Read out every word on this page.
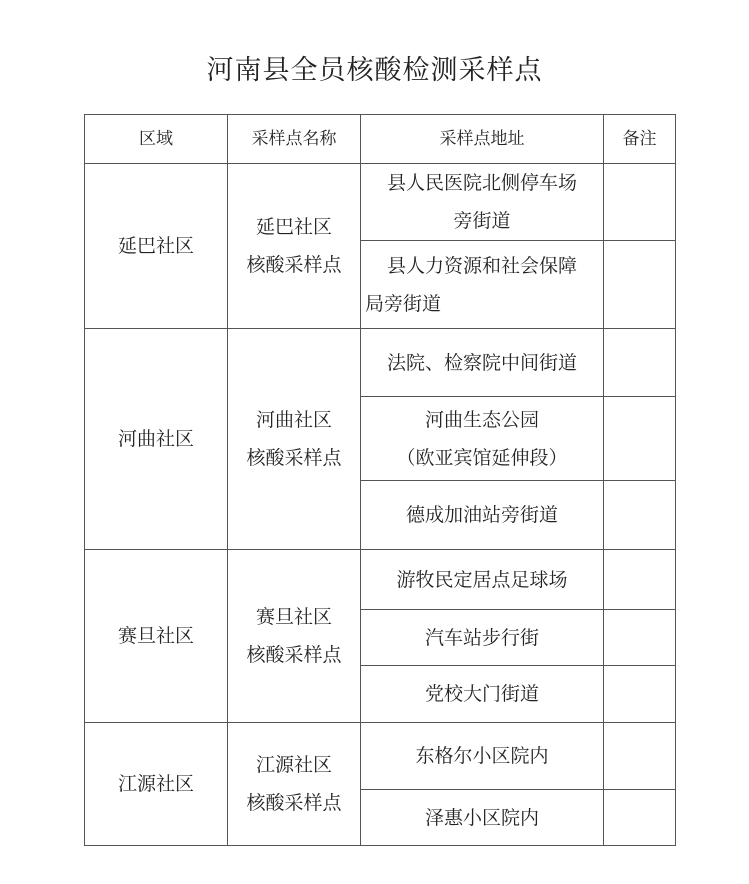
河南县全员核酸检测采样点
区域	采样点名称	采样点地址	备注
延巴社区	延巴社区
核酸采样点	县人民医院北侧停车场
旁街道	

		县人力资源和社会保障
局旁街道	

河曲社区	河曲社区
核酸采样点	法院、检察院中间街道	

		河曲生态公园
（欧亚宾馆延伸段）	

		德成加油站旁街道	

赛旦社区	赛旦社区
核酸采样点	游牧民定居点足球场	

		汽车站步行街	

		党校大门街道	

江源社区	江源社区
核酸采样点	东格尔小区院内	

		泽惠小区院内	
